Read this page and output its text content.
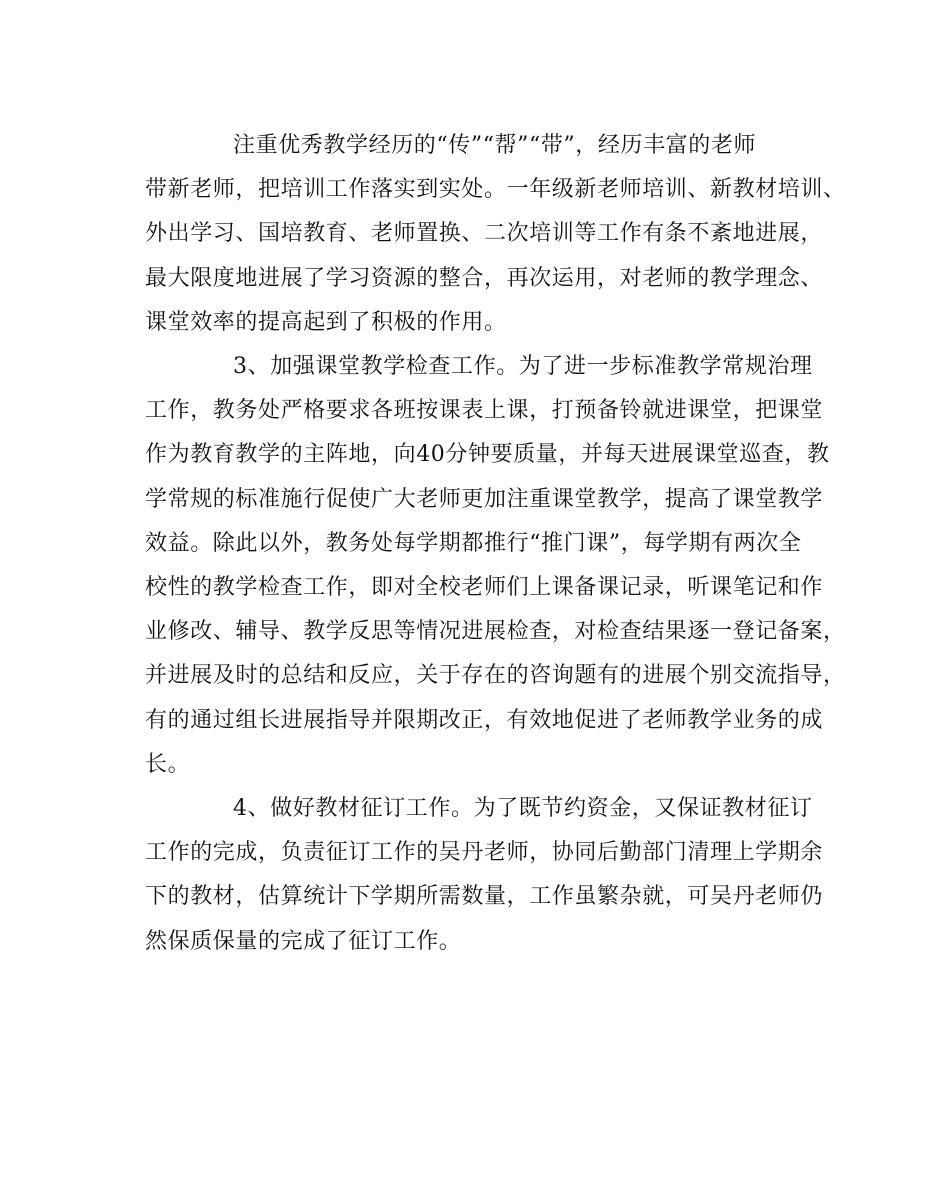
注重优秀教学经历的“传”“帮”“带”，经历丰富的老师
带新老师，把培训工作落实到实处。一年级新老师培训、新教材培训、
外出学习、国培教育、老师置换、二次培训等工作有条不紊地进展，
最大限度地进展了学习资源的整合，再次运用，对老师的教学理念、
课堂效率的提高起到了积极的作用。

3、加强课堂教学检查工作。为了进一步标准教学常规治理
工作，教务处严格要求各班按课表上课，打预备铃就进课堂，把课堂
作为教育教学的主阵地，向40分钟要质量，并每天进展课堂巡查，教
学常规的标准施行促使广大老师更加注重课堂教学，提高了课堂教学
效益。除此以外，教务处每学期都推行“推门课”，每学期有两次全
校性的教学检查工作，即对全校老师们上课备课记录，听课笔记和作
业修改、辅导、教学反思等情况进展检查，对检查结果逐一登记备案，
并进展及时的总结和反应，关于存在的咨询题有的进展个别交流指导，
有的通过组长进展指导并限期改正，有效地促进了老师教学业务的成
长。

4、做好教材征订工作。为了既节约资金，又保证教材征订
工作的完成，负责征订工作的吴丹老师，协同后勤部门清理上学期余
下的教材，估算统计下学期所需数量，工作虽繁杂就，可吴丹老师仍
然保质保量的完成了征订工作。
